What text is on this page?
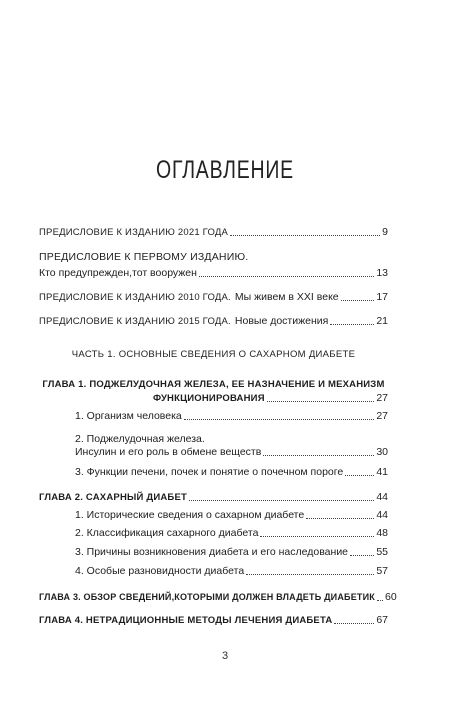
ОГЛАВЛЕНИЕ
ПРЕДИСЛОВИЕ К ИЗДАНИЮ 2021 ГОДА	9
ПРЕДИСЛОВИЕ К ПЕРВОМУ ИЗДАНИЮ.
Кто предупрежден,тот вооружен	13
ПРЕДИСЛОВИЕ К ИЗДАНИЮ 2010 ГОДА. Мы живем в XXI веке	17
ПРЕДИСЛОВИЕ К ИЗДАНИЮ 2015 ГОДА. Новые достижения	21
ЧАСТЬ 1. ОСНОВНЫЕ СВЕДЕНИЯ О САХАРНОМ ДИАБЕТЕ
ГЛАВА 1. ПОДЖЕЛУДОЧНАЯ ЖЕЛЕЗА, ЕЕ НАЗНАЧЕНИЕ И МЕХАНИЗМ
ФУНКЦИОНИРОВАНИЯ	27
1. Организм человека	27
2. Поджелудочная железа.
Инсулин и его роль в обмене веществ	30
3. Функции печени, почек и понятие о почечном пороге	41
ГЛАВА 2. САХАРНЫЙ ДИАБЕТ	44
1. Исторические сведения о сахарном диабете	44
2. Классификация сахарного диабета	48
3. Причины возникновения диабета и его наследование	55
4. Особые разновидности диабета	57
ГЛАВА 3. ОБЗОР СВЕДЕНИЙ,КОТОРЫМИ ДОЛЖЕН ВЛАДЕТЬ ДИАБЕТИК 60
ГЛАВА 4. НЕТРАДИЦИОННЫЕ МЕТОДЫ ЛЕЧЕНИЯ ДИАБЕТА	67
3
